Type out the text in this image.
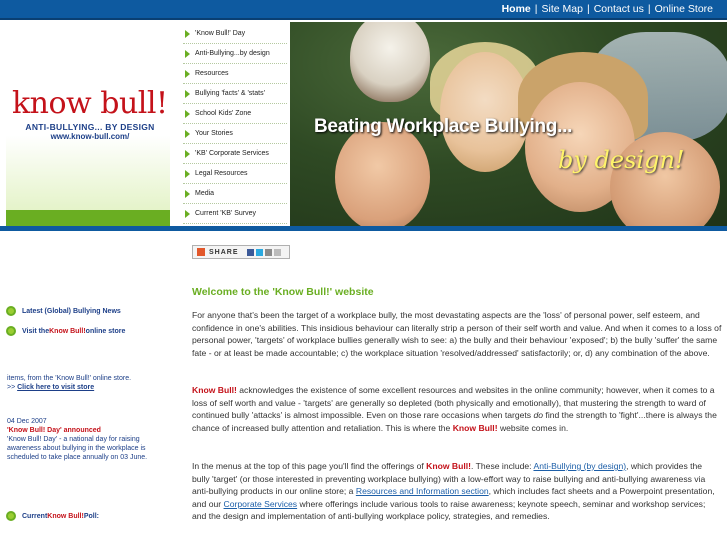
Home | Site Map | Contact us | Online Store
know bull!
ANTI-BULLYING... BY DESIGN
www.know-bull.com/
'Know Bull!' Day
Anti-Bullying...by design
Resources
Bullying 'facts' & 'stats'
School Kids' Zone
Your Stories
'KB' Corporate Services
Legal Resources
Media
Current 'KB' Survey
Beating Workplace Bullying...
by design!
SHARE
Latest (Global) Bullying News
Visit the Know Bull! online store
items, from the 'Know Bull!' online store.
>> Click here to visit store
04 Dec 2007
'Know Bull! Day' announced
'Know Bull! Day' - a national day for raising awareness about bullying in the workplace is scheduled to take place annually on 03 June.
Current Know Bull! Poll:
Welcome to the 'Know Bull!' website
For anyone that's been the target of a workplace bully, the most devastating aspects are the 'loss' of personal power, self esteem, and confidence in one's abilities. This insidious behaviour can literally strip a person of their self worth and value. And when it comes to a loss of personal power, 'targets' of workplace bullies generally wish to see: a) the bully and their behaviour 'exposed'; b) the bully 'suffer' the same fate - or at least be made accountable; c) the workplace situation 'resolved/addressed' satisfactorily; or, d) any combination of the above.
Know Bull! acknowledges the existence of some excellent resources and websites in the online community; however, when it comes to a loss of self worth and value - 'targets' are generally so depleted (both physically and emotionally), that mustering the strength to ward of continued bully 'attacks' is almost impossible. Even on those rare occasions when targets do find the strength to 'fight'...there is always the chance of increased bully attention and retaliation. This is where the Know Bull! website comes in.
In the menus at the top of this page you'll find the offerings of Know Bull!. These include: Anti-Bullying (by design), which provides the bully 'target' (or those interested in preventing workplace bullying) with a low-effort way to raise bullying and anti-bullying awareness via anti-bullying products in our online store; a Resources and Information section, which includes fact sheets and a Powerpoint presentation, and our Corporate Services where offerings include various tools to raise awareness; keynote speech, seminar and workshop services; and the design and implementation of anti-bullying workplace policy, strategies, and remedies.
